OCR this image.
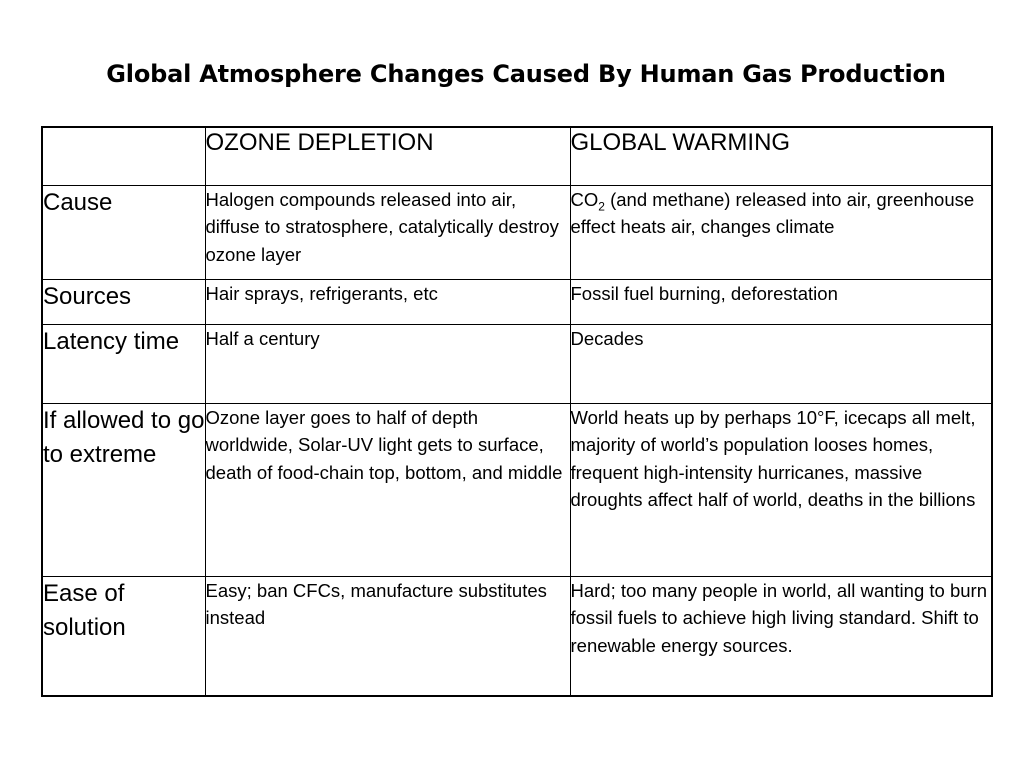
Global Atmosphere Changes Caused By Human Gas Production
	OZONE DEPLETION	GLOBAL WARMING
Cause	Halogen compounds released into air, diffuse to stratosphere, catalytically destroy ozone layer	$CO_2$ (and methane) released into air, greenhouse effect heats air, changes climate
Sources	Hair sprays, refrigerants, etc	Fossil fuel burning, deforestation
Latency time	Half a century	Decades
If allowed to go to extreme	Ozone layer goes to half of depth worldwide, Solar-UV light gets to surface, death of food-chain top, bottom, and middle	World heats up by perhaps 10°F, icecaps all melt, majority of world’s population looses homes, frequent high-intensity hurricanes, massive droughts affect half of world, deaths in the billions
Ease of solution	Easy; ban CFCs, manufacture substitutes instead	Hard; too many people in world, all wanting to burn fossil fuels to achieve high living standard. Shift to renewable energy sources.
